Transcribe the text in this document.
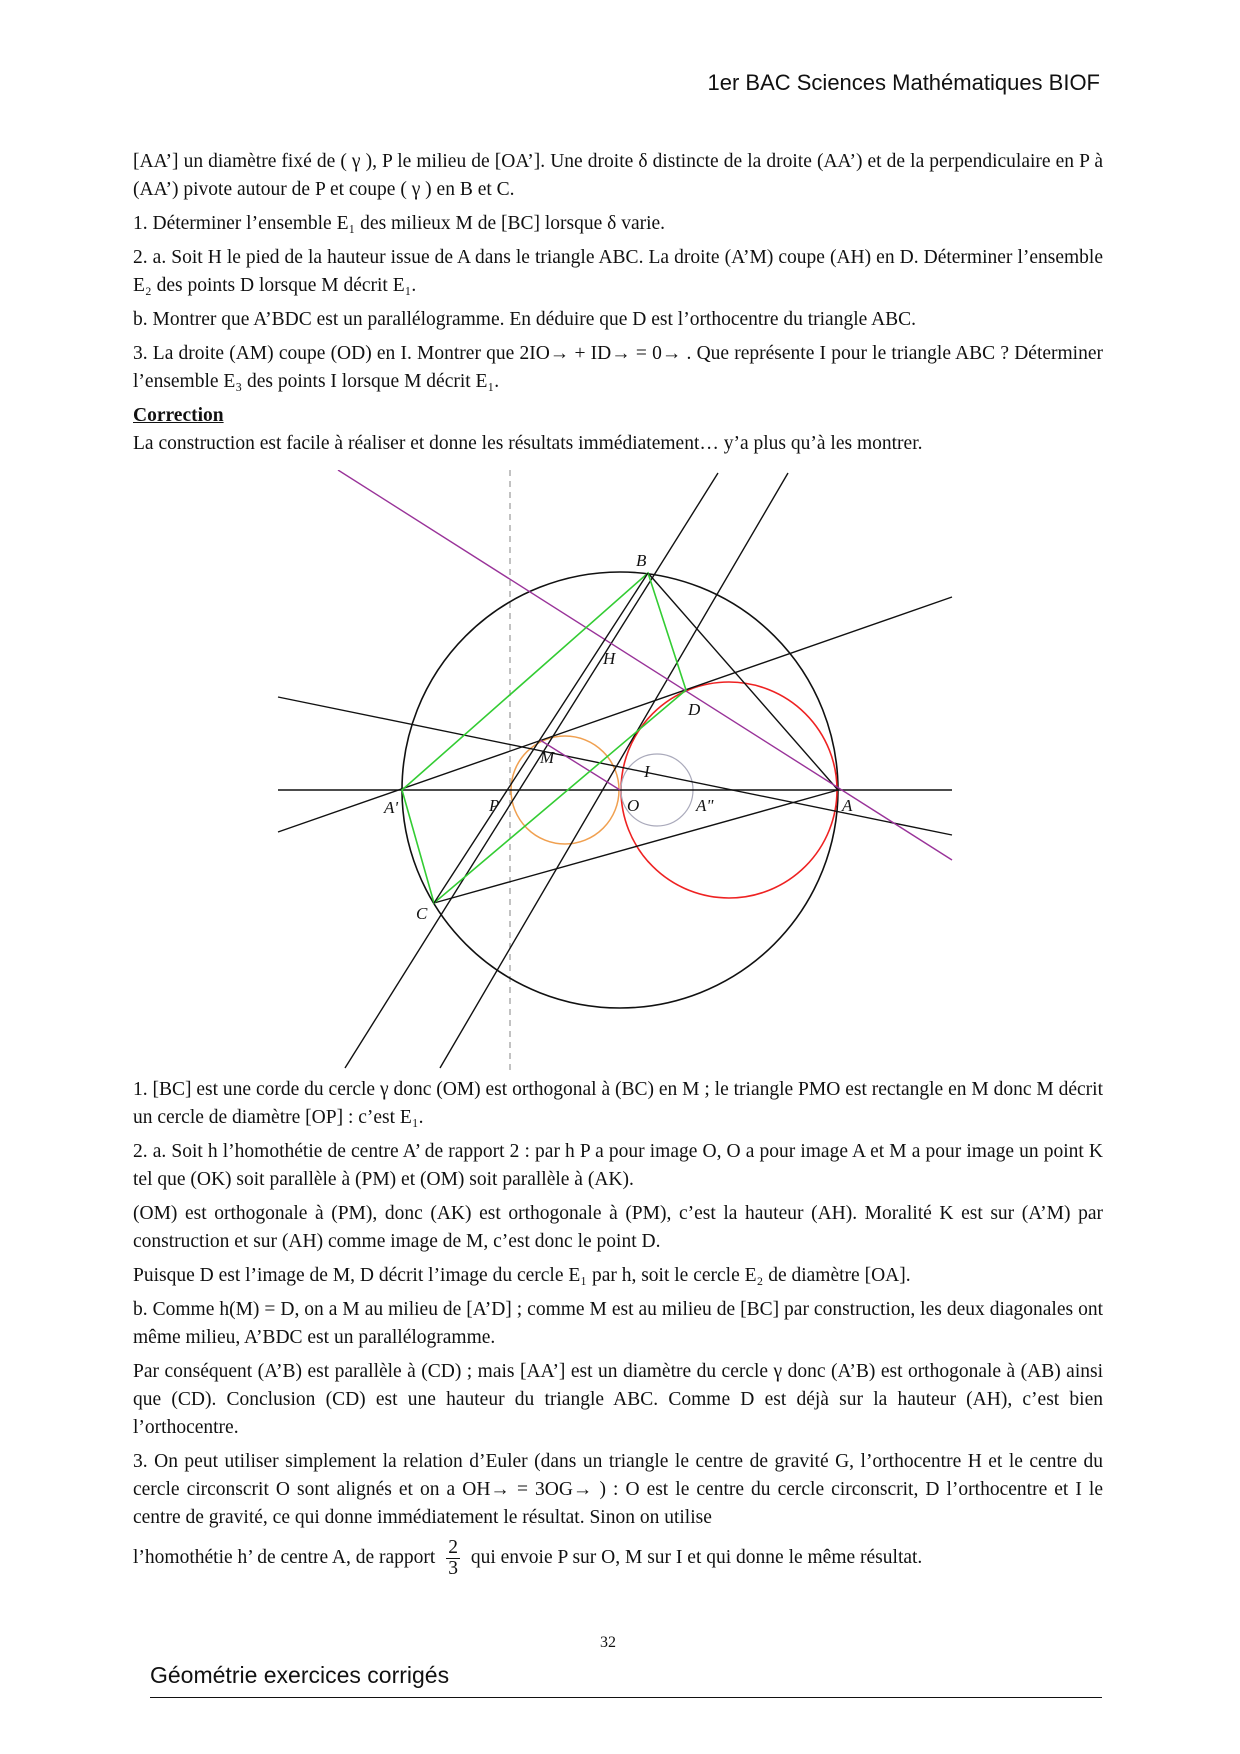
1er BAC Sciences Mathématiques BIOF

[AA’] un diamètre fixé de ( γ ), P le milieu de [OA’]. Une droite δ distincte de la droite (AA’) et de la perpendiculaire en P à (AA’) pivote autour de P et coupe ( γ ) en B et C.

1. Déterminer l’ensemble E₁ des milieux M de [BC] lorsque δ varie.

2. a. Soit H le pied de la hauteur issue de A dans le triangle ABC. La droite (A’M) coupe (AH) en D. Déterminer l’ensemble E₂ des points D lorsque M décrit E₁.

b. Montrer que A’BDC est un parallélogramme. En déduire que D est l’orthocentre du triangle ABC.

3. La droite (AM) coupe (OD) en I. Montrer que 2IO→ + ID→ = 0→ . Que représente I pour le triangle ABC ? Déterminer l’ensemble E₃ des points I lorsque M décrit E₁.

Correction

La construction est facile à réaliser et donne les résultats immédiatement… y’a plus qu’à les montrer.

B
H
D
M
I
A'	P	O	A"	A
C

1. [BC] est une corde du cercle γ donc (OM) est orthogonal à (BC) en M ; le triangle PMO est rectangle en M donc M décrit un cercle de diamètre [OP] : c’est E₁.

2. a. Soit h l’homothétie de centre A’ de rapport 2 : par h P a pour image O, O a pour image A et M a pour image un point K tel que (OK) soit parallèle à (PM) et (OM) soit parallèle à (AK).

(OM) est orthogonale à (PM), donc (AK) est orthogonale à (PM), c’est la hauteur (AH). Moralité K est sur (A’M) par construction et sur (AH) comme image de M, c’est donc le point D.

Puisque D est l’image de M, D décrit l’image du cercle E₁ par h, soit le cercle E₂ de diamètre [OA].

b. Comme h(M) = D, on a M au milieu de [A’D] ; comme M est au milieu de [BC] par construction, les deux diagonales ont même milieu, A’BDC est un parallélogramme.

Par conséquent (A’B) est parallèle à (CD) ; mais [AA’] est un diamètre du cercle γ donc (A’B) est orthogonale à (AB) ainsi que (CD). Conclusion (CD) est une hauteur du triangle ABC. Comme D est déjà sur la hauteur (AH), c’est bien l’orthocentre.

3. On peut utiliser simplement la relation d’Euler (dans un triangle le centre de gravité G, l’orthocentre H et le centre du cercle circonscrit O sont alignés et on a OH→ = 3OG→ ) : O est le centre du cercle circonscrit, D l’orthocentre et I le centre de gravité, ce qui donne immédiatement le résultat. Sinon on utilise

l’homothétie h’ de centre A, de rapport $\frac{2}{3}$ qui envoie P sur O, M sur I et qui donne le même résultat.

32
Géométrie exercices corrigés
